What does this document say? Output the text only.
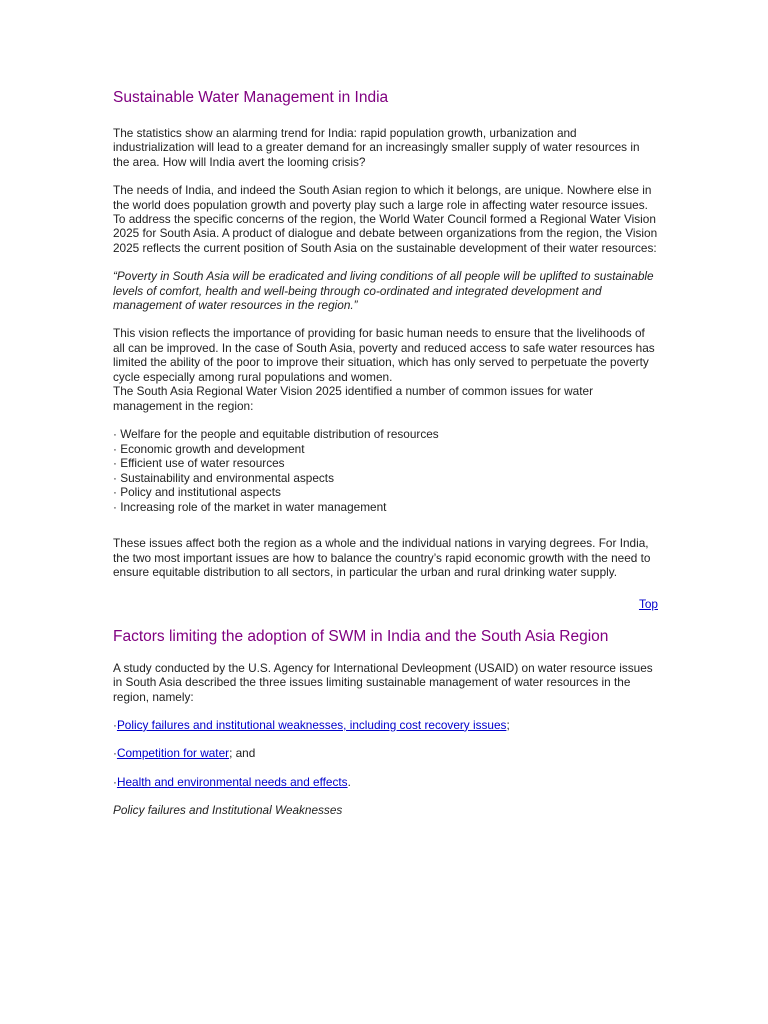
Sustainable Water Management in India

The statistics show an alarming trend for India: rapid population growth, urbanization and industrialization will lead to a greater demand for an increasingly smaller supply of water resources in the area. How will India avert the looming crisis?

The needs of India, and indeed the South Asian region to which it belongs, are unique. Nowhere else in the world does population growth and poverty play such a large role in affecting water resource issues. To address the specific concerns of the region, the World Water Council formed a Regional Water Vision 2025 for South Asia. A product of dialogue and debate between organizations from the region, the Vision 2025 reflects the current position of South Asia on the sustainable development of their water resources:

“Poverty in South Asia will be eradicated and living conditions of all people will be uplifted to sustainable levels of comfort, health and well-being through co-ordinated and integrated development and management of water resources in the region.”

This vision reflects the importance of providing for basic human needs to ensure that the livelihoods of all can be improved. In the case of South Asia, poverty and reduced access to safe water resources has limited the ability of the poor to improve their situation, which has only served to perpetuate the poverty cycle especially among rural populations and women.
The South Asia Regional Water Vision 2025 identified a number of common issues for water management in the region:

· Welfare for the people and equitable distribution of resources
· Economic growth and development
· Efficient use of water resources
· Sustainability and environmental aspects
· Policy and institutional aspects
· Increasing role of the market in water management

These issues affect both the region as a whole and the individual nations in varying degrees. For India, the two most important issues are how to balance the country’s rapid economic growth with the need to ensure equitable distribution to all sectors, in particular the urban and rural drinking water supply.

Top
Factors limiting the adoption of SWM in India and the South Asia Region

A study conducted by the U.S. Agency for International Devleopment (USAID) on water resource issues in South Asia described the three issues limiting sustainable management of water resources in the region, namely:

·Policy failures and institutional weaknesses, including cost recovery issues;

·Competition for water; and

·Health and environmental needs and effects.

Policy failures and Institutional Weaknesses
